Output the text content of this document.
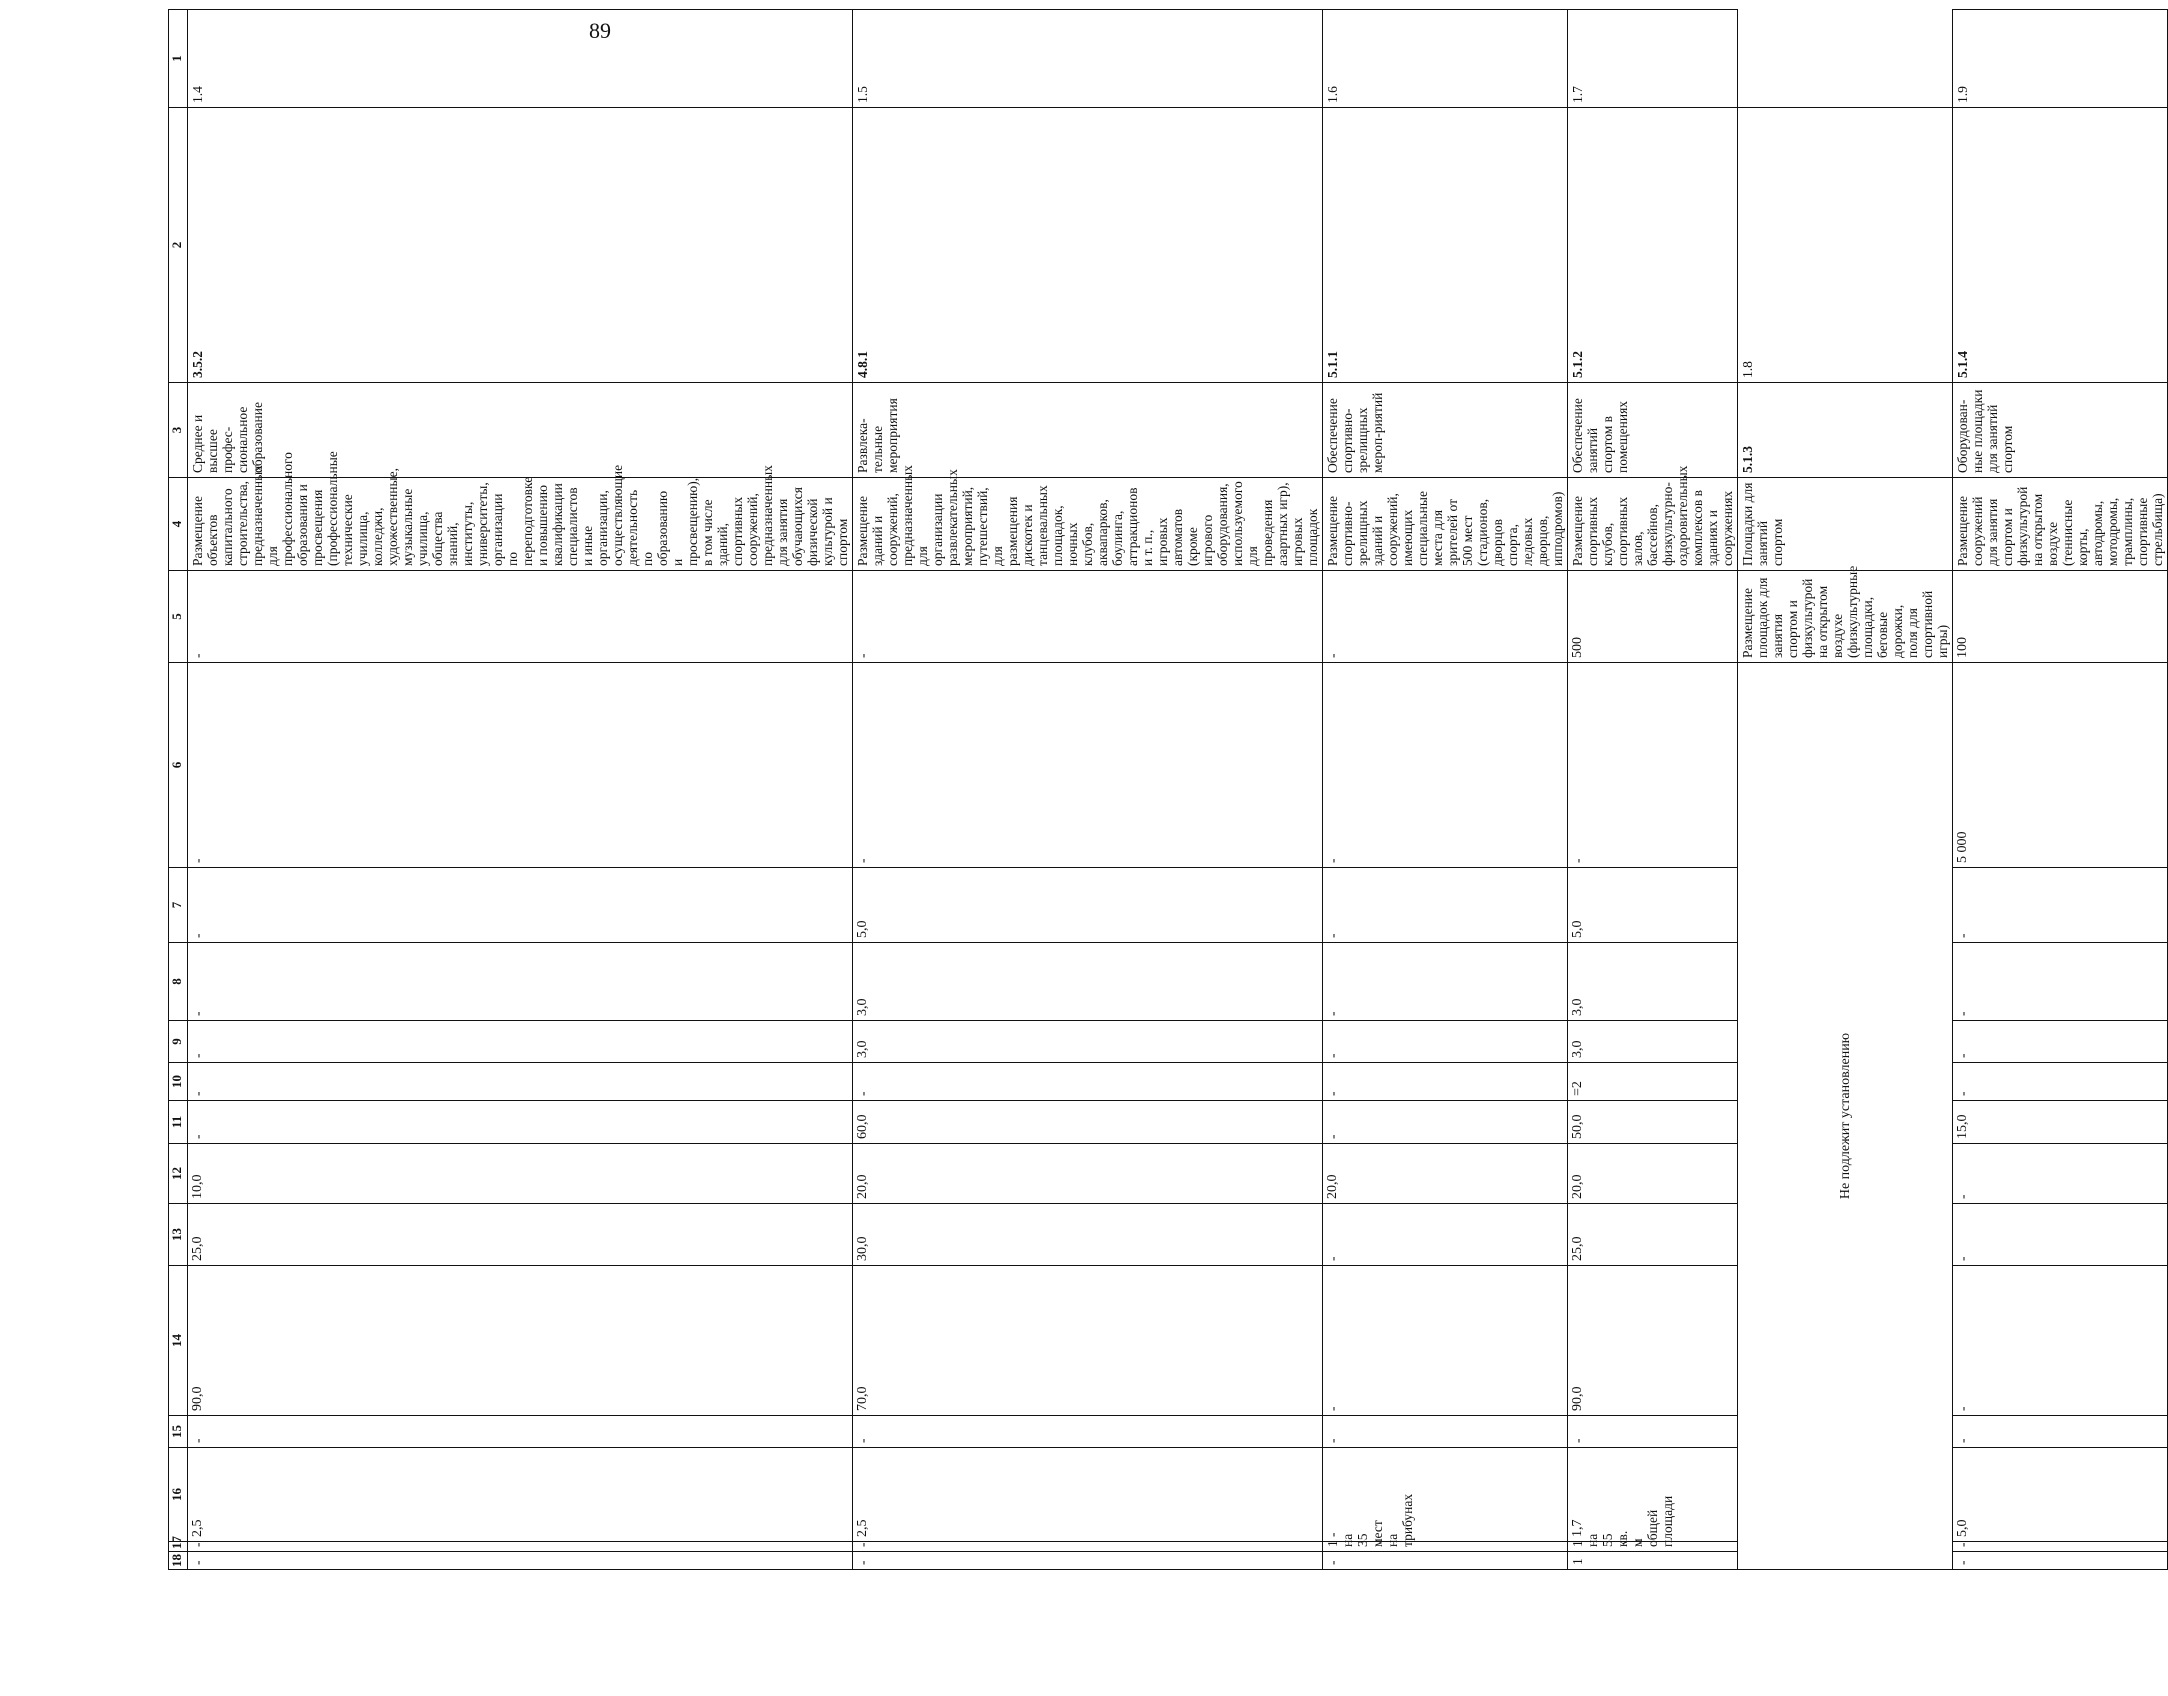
89
18	17	16	15	14	13	12	11	10	9	8	7	6	5	4	3	2	1
-	-	2,5	-	90,0	25,0	10,0	-	-	-	-	-	-	-	Размещение объектов капитального строительства, предназначенных для профессионального образования и просвещения (профессиональные технические училища, колледжи, художественные, музыкальные училища, общества знаний, институты, университеты, организации по переподготовке и повышению квалификации специалистов и иные организации, осуществляющие деятельность по образованию и просвещению), в том числе зданий, спортивных сооружений, предназначенных для занятия обучающихся физической культурой и спортом	Среднее и высшее профес-сиональное образование	3.5.2	1.4
-	-	2,5	-	70,0	30,0	20,0	60,0	-	3,0	3,0	5,0	-	-	Размещение зданий и сооружений, предназначенных для организации развлекательных мероприятий, путешествий, для размещения дискотек и танцевальных площадок, ночных клубов, аквапарков, боулинга, аттракционов и т. п., игровых автоматов (кроме игрового оборудования, используемого для проведения азартных игр), игровых площадок	Развлека-тельные мероприятия	4.8.1	1.5
-	1 на 35 мест на трибунах	-	-	-	-	20,0	-	-	-	-	-	-	-	Размещение спортивно-зрелищных зданий и сооружений, имеющих специальные места для зрителей от 500 мест (стадионов, дворцов спорта, ледовых дворцов, ипподромов)	Обеспечение спортивно-зрелищных мероп-риятий	5.1.1	1.6
1	1 на 55 кв. м общей площади	1,7	-	90,0	25,0	20,0	50,0	=2	3,0	3,0	5,0	-	500	Размещение спортивных клубов, спортивных залов, бассейнов, физкультурно-оздоровительных комплексов в зданиях и сооружениях	Обеспечение занятий спортом в помещениях	5.1.2	1.7
Не подлежит установлению													Размещение площадок для занятия спортом и физкультурой на открытом воздухе (физкультурные площадки, беговые дорожки, поля для спортивной игры)	Площадки для занятий спортом	5.1.3	1.8	
-	-	5,0	-	-	-	-	15,0	-	-	-	-	5 000	100	Размещение сооружений для занятия спортом и физкультурой на открытом воздухе (теннисные корты, автодромы, мотодромы, трамплины, спортивные стрельбища)	Оборудован-ные площадки для занятий спортом	5.1.4	1.9
